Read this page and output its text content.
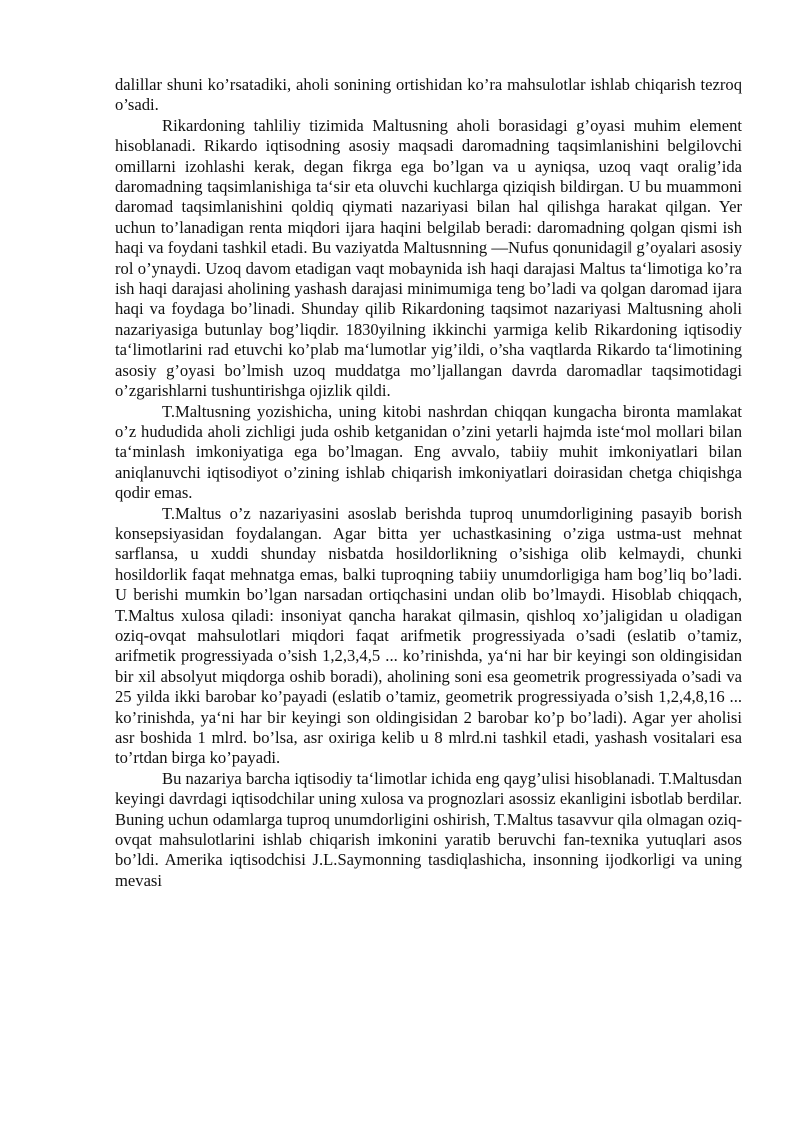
dalillar shuni ko’rsatadiki, aholi sonining ortishidan ko’ra mahsulotlar ishlab chiqarish tezroq o’sadi.

Rikardoning tahliliy tizimida Maltusning aholi borasidagi g’oyasi muhim element hisoblanadi. Rikardo iqtisodning asosiy maqsadi daromadning taqsimlanishini belgilovchi omillarni izohlashi kerak, degan fikrga ega bo’lgan va u ayniqsa, uzoq vaqt oralig’ida daromadning taqsimlanishiga ta‘sir eta oluvchi kuchlarga qiziqish bildirgan. U bu muammoni daromad taqsimlanishini qoldiq qiymati nazariyasi bilan hal qilishga harakat qilgan. Yer uchun to’lanadigan renta miqdori ijara haqini belgilab beradi: daromadning qolgan qismi ish haqi va foydani tashkil etadi. Bu vaziyatda Maltusnning ―Nufus qonunidagi‖ g’oyalari asosiy rol o’ynaydi. Uzoq davom etadigan vaqt mobaynida ish haqi darajasi Maltus ta‘limotiga ko’ra ish haqi darajasi aholining yashash darajasi minimumiga teng bo’ladi va qolgan daromad ijara haqi va foydaga bo’linadi. Shunday qilib Rikardoning taqsimot nazariyasi Maltusning aholi nazariyasiga butunlay bog’liqdir. 1830yilning ikkinchi yarmiga kelib Rikardoning iqtisodiy ta‘limotlarini rad etuvchi ko’plab ma‘lumotlar yig’ildi, o’sha vaqtlarda Rikardo ta‘limotining asosiy g’oyasi bo’lmish uzoq muddatga mo’ljallangan davrda daromadlar taqsimotidagi o’zgarishlarni tushuntirishga ojizlik qildi.

T.Maltusning yozishicha, uning kitobi nashrdan chiqqan kungacha bironta mamlakat o’z hududida aholi zichligi juda oshib ketganidan o’zini yetarli hajmda iste‘mol mollari bilan ta‘minlash imkoniyatiga ega bo’lmagan. Eng avvalo, tabiiy muhit imkoniyatlari bilan aniqlanuvchi iqtisodiyot o’zining ishlab chiqarish imkoniyatlari doirasidan chetga chiqishga qodir emas.

T.Maltus o’z nazariyasini asoslab berishda tuproq unumdorligining pasayib borish konsepsiyasidan foydalangan. Agar bitta yer uchastkasining o’ziga ustma-ust mehnat sarflansa, u xuddi shunday nisbatda hosildorlikning o’sishiga olib kelmaydi, chunki hosildorlik faqat mehnatga emas, balki tuproqning tabiiy unumdorligiga ham bog’liq bo’ladi. U berishi mumkin bo’lgan narsadan ortiqchasini undan olib bo’lmaydi. Hisoblab chiqqach, T.Maltus xulosa qiladi: insoniyat qancha harakat qilmasin, qishloq xo’jaligidan u oladigan oziq-ovqat mahsulotlari miqdori faqat arifmetik progressiyada o’sadi (eslatib o’tamiz, arifmetik progressiyada o’sish 1,2,3,4,5 ... ko’rinishda, ya‘ni har bir keyingi son oldingisidan bir xil absolyut miqdorga oshib boradi), aholining soni esa geometrik progressiyada o’sadi va 25 yilda ikki barobar ko’payadi (eslatib o’tamiz, geometrik progressiyada o’sish 1,2,4,8,16 ... ko’rinishda, ya‘ni har bir keyingi son oldingisidan 2 barobar ko’p bo’ladi). Agar yer aholisi asr boshida 1 mlrd. bo’lsa, asr oxiriga kelib u 8 mlrd.ni tashkil etadi, yashash vositalari esa to’rtdan birga ko’payadi.

Bu nazariya barcha iqtisodiy ta‘limotlar ichida eng qayg’ulisi hisoblanadi. T.Maltusdan keyingi davrdagi iqtisodchilar uning xulosa va prognozlari asossiz ekanligini isbotlab berdilar. Buning uchun odamlarga tuproq unumdorligini oshirish, T.Maltus tasavvur qila olmagan oziq-ovqat mahsulotlarini ishlab chiqarish imkonini yaratib beruvchi fan-texnika yutuqlari asos bo’ldi. Amerika iqtisodchisi J.L.Saymonning tasdiqlashicha, insonning ijodkorligi va uning mevasi
